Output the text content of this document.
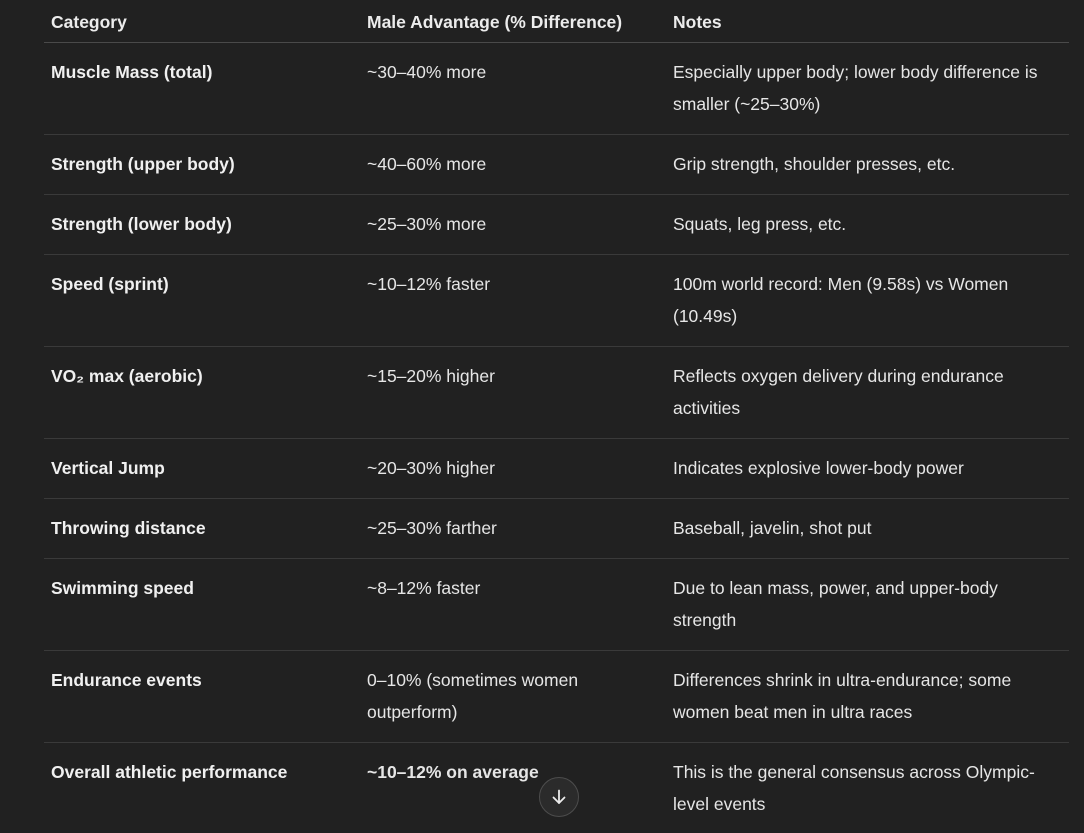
Category	Male Advantage (% Difference)	Notes
Muscle Mass (total)	~30–40% more	Especially upper body; lower body difference is smaller (~25–30%)
Strength (upper body)	~40–60% more	Grip strength, shoulder presses, etc.
Strength (lower body)	~25–30% more	Squats, leg press, etc.
Speed (sprint)	~10–12% faster	100m world record: Men (9.58s) vs Women (10.49s)
VO₂ max (aerobic)	~15–20% higher	Reflects oxygen delivery during endurance activities
Vertical Jump	~20–30% higher	Indicates explosive lower-body power
Throwing distance	~25–30% farther	Baseball, javelin, shot put
Swimming speed	~8–12% faster	Due to lean mass, power, and upper-body strength
Endurance events	0–10% (sometimes women outperform)	Differences shrink in ultra-endurance; some women beat men in ultra races
Overall athletic performance	~10–12% on average	This is the general consensus across Olympic-level events
